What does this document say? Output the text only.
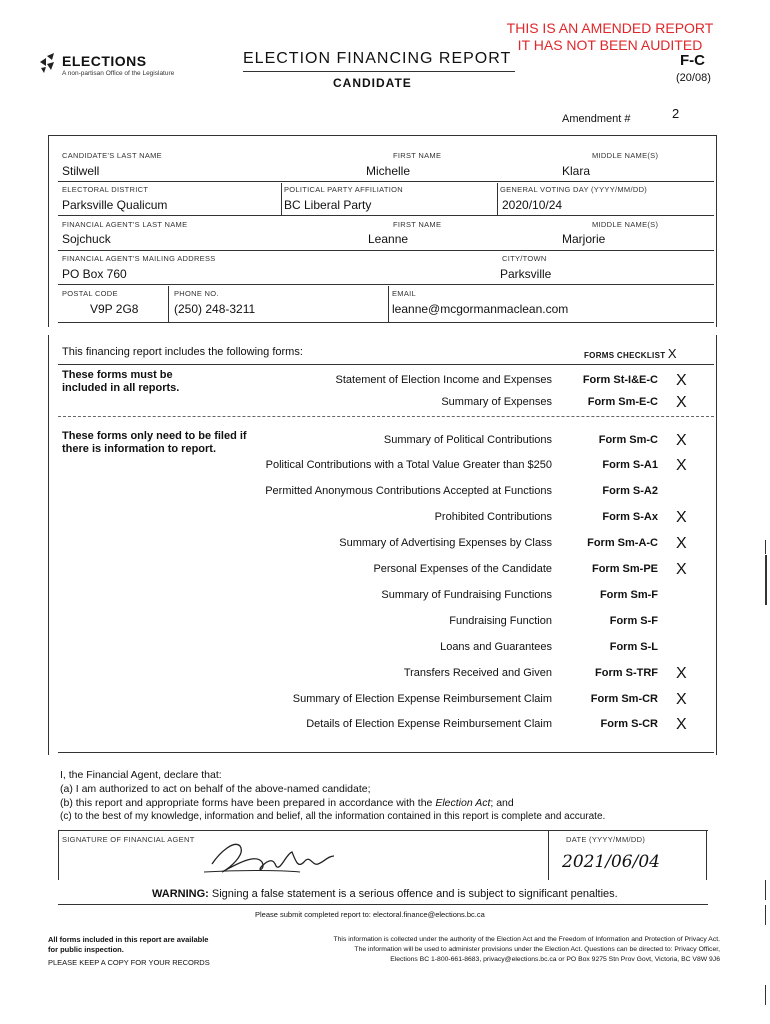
THIS IS AN AMENDED REPORT
IT HAS NOT BEEN AUDITED
ELECTIONS
A non-partisan Office of the Legislature
ELECTION FINANCING REPORT
CANDIDATE
F-C
(20/08)
Amendment #	2
CANDIDATE'S LAST NAME
Stilwell
FIRST NAME
Michelle
MIDDLE NAME(S)
Klara
ELECTORAL DISTRICT
Parksville Qualicum
POLITICAL PARTY AFFILIATION
BC Liberal Party
GENERAL VOTING DAY (YYYY/MM/DD)
2020/10/24
FINANCIAL AGENT'S LAST NAME
Sojchuck
FIRST NAME
Leanne
MIDDLE NAME(S)
Marjorie
FINANCIAL AGENT'S MAILING ADDRESS
PO Box 760
CITY/TOWN
Parksville
POSTAL CODE
V9P 2G8
PHONE NO.
(250) 248-3211
EMAIL
leanne@mcgormanmaclean.com
This financing report includes the following forms:	FORMS CHECKLIST X
These forms must be included in all reports.
These forms only need to be filed if there is information to report.
Statement of Election Income and Expenses	Form St-I&E-C X
Summary of Expenses	Form Sm-E-C X
Summary of Political Contributions	Form Sm-C X
Political Contributions with a Total Value Greater than $250	Form S-A1 X
Permitted Anonymous Contributions Accepted at Functions	Form S-A2
Prohibited Contributions	Form S-Ax X
Summary of Advertising Expenses by Class	Form Sm-A-C X
Personal Expenses of the Candidate	Form Sm-PE X
Summary of Fundraising Functions	Form Sm-F
Fundraising Function	Form S-F
Loans and Guarantees	Form S-L
Transfers Received and Given	Form S-TRF X
Summary of Election Expense Reimbursement Claim	Form Sm-CR X
Details of Election Expense Reimbursement Claim	Form S-CR X
I, the Financial Agent, declare that:
(a) I am authorized to act on behalf of the above-named candidate;
(b) this report and appropriate forms have been prepared in accordance with the Election Act; and
(c) to the best of my knowledge, information and belief, all the information contained in this report is complete and accurate.
SIGNATURE OF FINANCIAL AGENT	DATE (YYYY/MM/DD)
2021/06/04
WARNING: Signing a false statement is a serious offence and is subject to significant penalties.
Please submit completed report to: electoral.finance@elections.bc.ca
All forms included in this report are available
for public inspection.
PLEASE KEEP A COPY FOR YOUR RECORDS
This information is collected under the authority of the Election Act and the Freedom of Information and Protection of Privacy Act.
The information will be used to administer provisions under the Election Act. Questions can be directed to: Privacy Officer,
Elections BC 1-800-661-8683, privacy@elections.bc.ca or PO Box 9275 Stn Prov Govt, Victoria, BC V8W 9J6
